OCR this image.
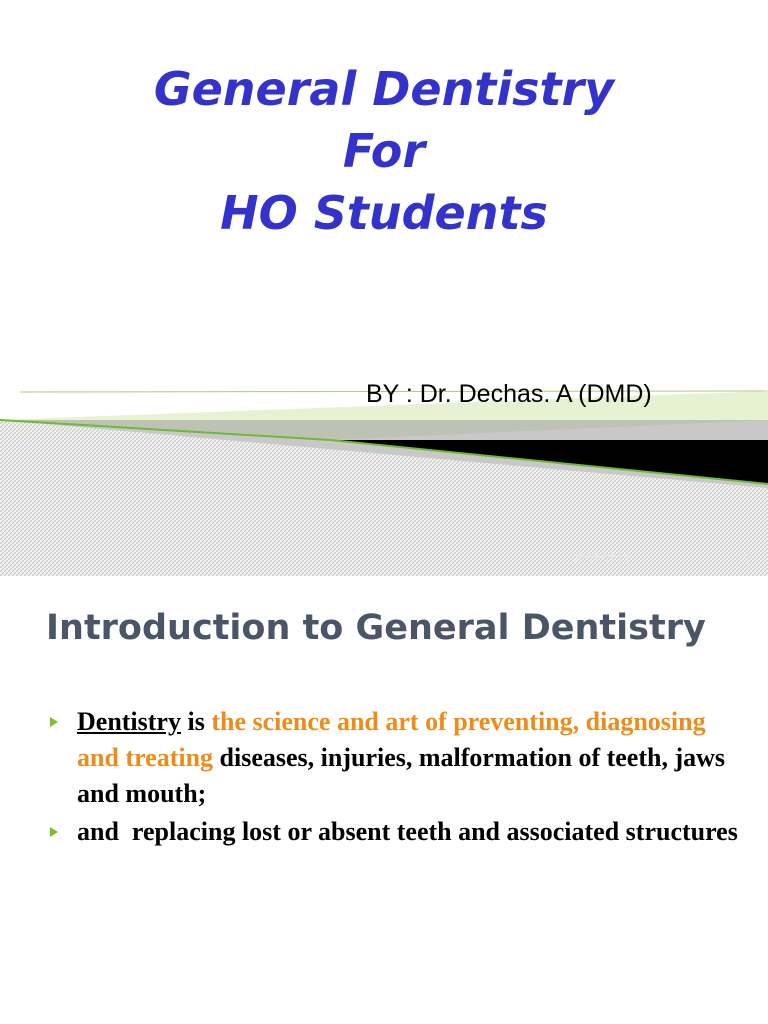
General Dentistry
For
HO Students
BY : Dr. Dechas. A (DMD)
06/10/2012	1
Introduction to General Dentistry
Dentistry is the science and art of preventing, diagnosing and treating diseases, injuries, malformation of teeth, jaws and mouth;
and  replacing lost or absent teeth and associated structures
